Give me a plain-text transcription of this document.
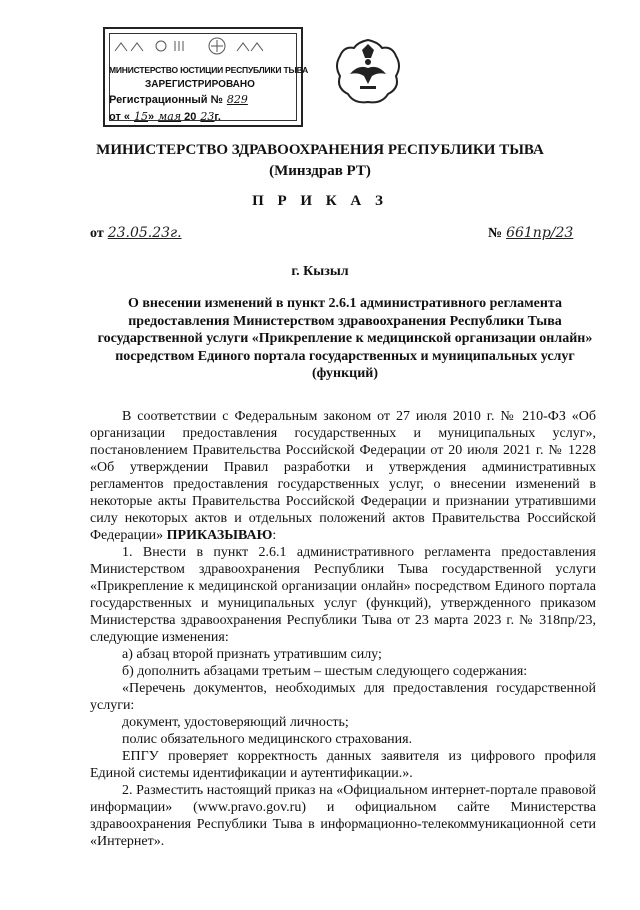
МИНИСТЕРСТВО ЮСТИЦИИ РЕСПУБЛИКИ ТЫВА
ЗАРЕГИСТРИРОВАНО
Регистрационный № 829
от « 15» мая 20 23г.
МИНИСТЕРСТВО ЗДРАВООХРАНЕНИЯ РЕСПУБЛИКИ ТЫВА
(Минздрав РТ)
П Р И К А З
от 23.05.23г.	№ 661пр/23
г. Кызыл
О внесении изменений в пункт 2.6.1 административного регламента предоставления Министерством здравоохранения Республики Тыва государственной услуги «Прикрепление к медицинской организации онлайн» посредством Единого портала государственных и муниципальных услуг (функций)

В соответствии с Федеральным законом от 27 июля 2010 г. № 210-ФЗ «Об организации предоставления государственных и муниципальных услуг», постановлением Правительства Российской Федерации от 20 июля 2021 г. № 1228 «Об утверждении Правил разработки и утверждения административных регламентов предоставления государственных услуг, о внесении изменений в некоторые акты Правительства Российской Федерации и признании утратившими силу некоторых актов и отдельных положений актов Правительства Российской Федерации» ПРИКАЗЫВАЮ:

1. Внести в пункт 2.6.1 административного регламента предоставления Министерством здравоохранения Республики Тыва государственной услуги «Прикрепление к медицинской организации онлайн» посредством Единого портала государственных и муниципальных услуг (функций), утвержденного приказом Министерства здравоохранения Республики Тыва от 23 марта 2023 г. № 318пр/23, следующие изменения:

а) абзац второй признать утратившим силу;

б) дополнить абзацами третьим – шестым следующего содержания:

«Перечень документов, необходимых для предоставления государственной услуги:

документ, удостоверяющий личность;

полис обязательного медицинского страхования.

ЕПГУ проверяет корректность данных заявителя из цифрового профиля Единой системы идентификации и аутентификации.».

2. Разместить настоящий приказ на «Официальном интернет-портале правовой информации» (www.pravo.gov.ru) и официальном сайте Министерства здравоохранения Республики Тыва в информационно-телекоммуникационной сети «Интернет».
